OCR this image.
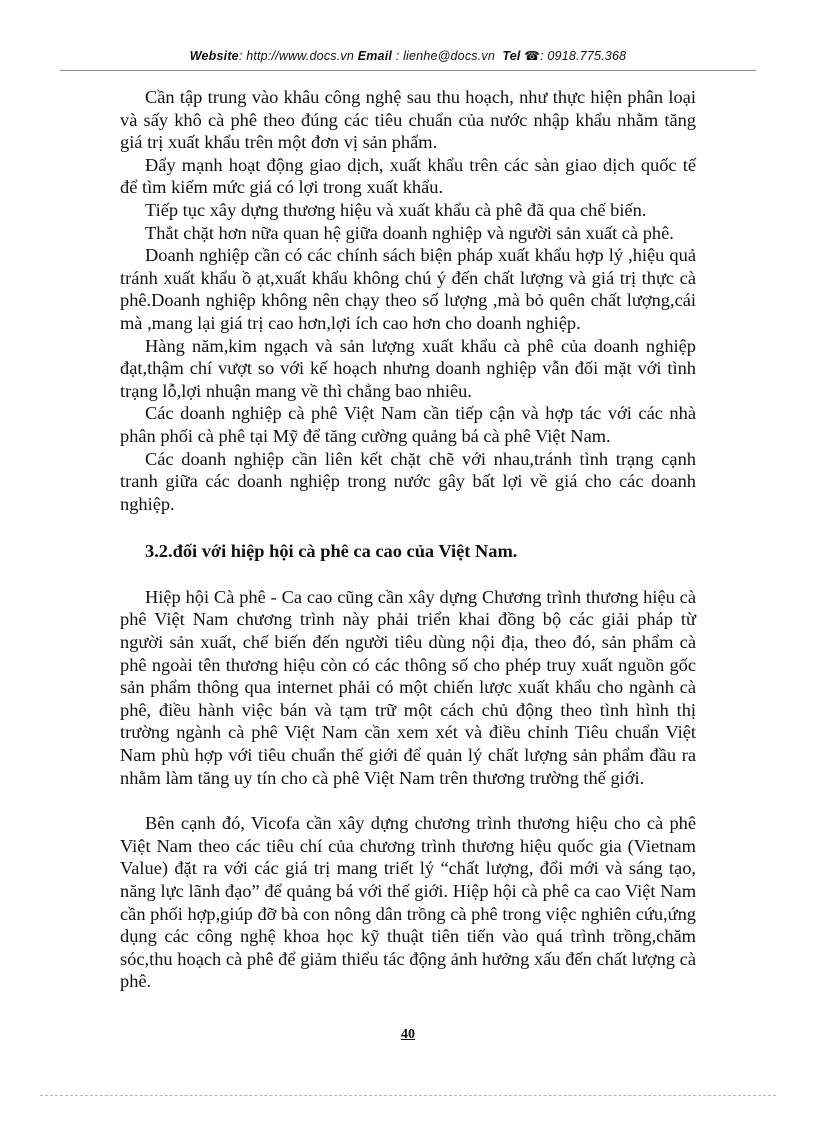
Website: http://www.docs.vn Email : lienhe@docs.vn Tel ☎: 0918.775.368

Cần tập trung vào khâu công nghệ sau thu hoạch, như thực hiện phân loại và sấy khô cà phê theo đúng các tiêu chuẩn của nước nhập khẩu nhằm tăng giá trị xuất khẩu trên một đơn vị sản phẩm.

Đẩy mạnh hoạt động giao dịch, xuất khẩu trên các sàn giao dịch quốc tế để tìm kiếm mức giá có lợi trong xuất khẩu.

Tiếp tục xây dựng thương hiệu và xuất khẩu cà phê đã qua chế biến.

Thắt chặt hơn nữa quan hệ giữa doanh nghiệp và người sản xuất cà phê.

Doanh nghiệp cần có các chính sách biện pháp xuất khẩu hợp lý ,hiệu quả tránh xuất khẩu ồ ạt,xuất khẩu không chú ý đến chất lượng và giá trị thực cà phê.Doanh nghiệp không nên chạy theo số lượng ,mà bỏ quên chất lượng,cái mà ,mang lại giá trị cao hơn,lợi ích cao hơn cho doanh nghiệp.

Hàng năm,kim ngạch và sản lượng xuất khẩu cà phê của doanh nghiệp đạt,thậm chí vượt so với kế hoạch nhưng doanh nghiệp vẫn đối mặt với tình trạng lỗ,lợi nhuận mang về thì chẳng bao nhiêu.

Các doanh nghiệp cà phê Việt Nam cần tiếp cận và hợp tác với các nhà phân phối cà phê tại Mỹ để tăng cường quảng bá cà phê Việt Nam.

Các doanh nghiệp cần liên kết chặt chẽ với nhau,tránh tình trạng cạnh tranh giữa các doanh nghiệp trong nước gây bất lợi về giá cho các doanh nghiệp.

3.2.đối với hiệp hội cà phê ca cao của Việt Nam.

Hiệp hội Cà phê - Ca cao cũng cần xây dựng Chương trình thương hiệu cà phê Việt Nam chương trình này phải triển khai đồng bộ các giải pháp từ người sản xuất, chế biến đến người tiêu dùng nội địa, theo đó, sản phẩm cà phê ngoài tên thương hiệu còn có các thông số cho phép truy xuất nguồn gốc sản phẩm thông qua internet phải có một chiến lược xuất khẩu cho ngành cà phê, điều hành việc bán và tạm trữ một cách chủ động theo tình hình thị trường ngành cà phê Việt Nam cần xem xét và điều chỉnh Tiêu chuẩn Việt Nam phù hợp với tiêu chuẩn thế giới để quản lý chất lượng sản phẩm đầu ra nhằm làm tăng uy tín cho cà phê Việt Nam trên thương trường thế giới.

Bên cạnh đó, Vicofa cần xây dựng chương trình thương hiệu cho cà phê Việt Nam theo các tiêu chí của chương trình thương hiệu quốc gia (Vietnam Value) đặt ra với các giá trị mang triết lý “chất lượng, đổi mới và sáng tạo, năng lực lãnh đạo” để quảng bá với thế giới. Hiệp hội cà phê ca cao Việt Nam cần phối hợp,giúp đỡ bà con nông dân trồng cà phê trong việc nghiên cứu,ứng dụng các công nghệ khoa học kỹ thuật tiên tiến vào quá trình trồng,chăm sóc,thu hoạch cà phê để giảm thiểu tác động ảnh hưởng xấu đến chất lượng cà phê.

40
